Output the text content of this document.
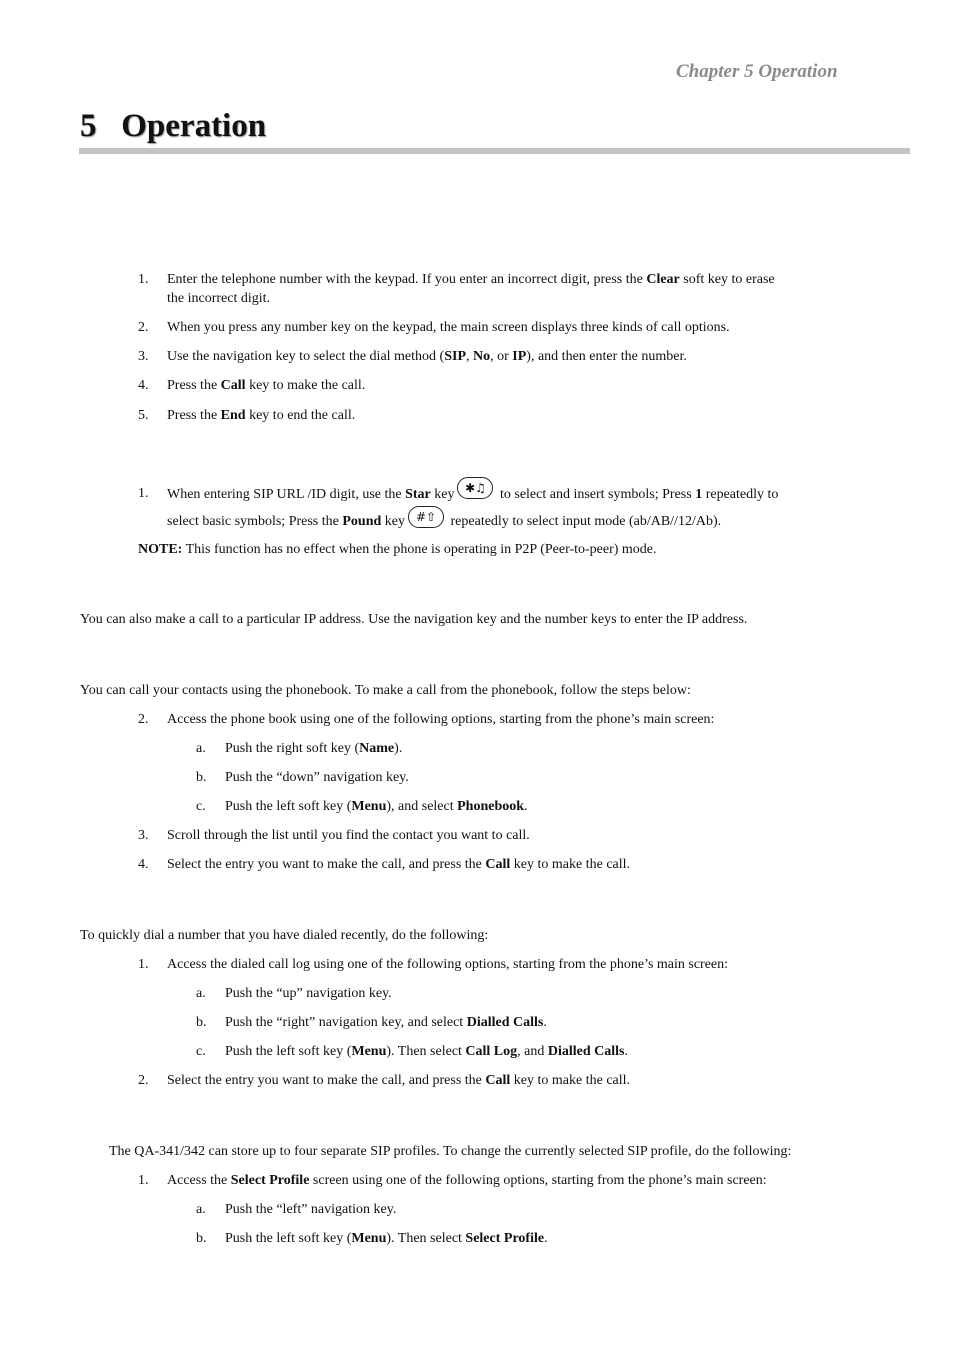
Chapter 5 Operation
5 Operation
1. Enter the telephone number with the keypad. If you enter an incorrect digit, press the Clear soft key to erase
the incorrect digit.
2. When you press any number key on the keypad, the main screen displays three kinds of call options.
3. Use the navigation key to select the dial method (SIP, No, or IP), and then enter the number.
4. Press the Call key to make the call.
5. Press the End key to end the call.
1. When entering SIP URL /ID digit, use the Star key ✱♫ to select and insert symbols; Press 1 repeatedly to
select basic symbols; Press the Pound key #⇧ repeatedly to select input mode (ab/AB//12/Ab).
NOTE: This function has no effect when the phone is operating in P2P (Peer-to-peer) mode.
You can also make a call to a particular IP address. Use the navigation key and the number keys to enter the IP address.
You can call your contacts using the phonebook. To make a call from the phonebook, follow the steps below:
2. Access the phone book using one of the following options, starting from the phone’s main screen:
a. Push the right soft key (Name).
b. Push the “down” navigation key.
c. Push the left soft key (Menu), and select Phonebook.
3. Scroll through the list until you find the contact you want to call.
4. Select the entry you want to make the call, and press the Call key to make the call.
To quickly dial a number that you have dialed recently, do the following:
1. Access the dialed call log using one of the following options, starting from the phone’s main screen:
a. Push the “up” navigation key.
b. Push the “right” navigation key, and select Dialled Calls.
c. Push the left soft key (Menu). Then select Call Log, and Dialled Calls.
2. Select the entry you want to make the call, and press the Call key to make the call.
The QA-341/342 can store up to four separate SIP profiles. To change the currently selected SIP profile, do the following:
1. Access the Select Profile screen using one of the following options, starting from the phone’s main screen:
a. Push the “left” navigation key.
b. Push the left soft key (Menu). Then select Select Profile.
